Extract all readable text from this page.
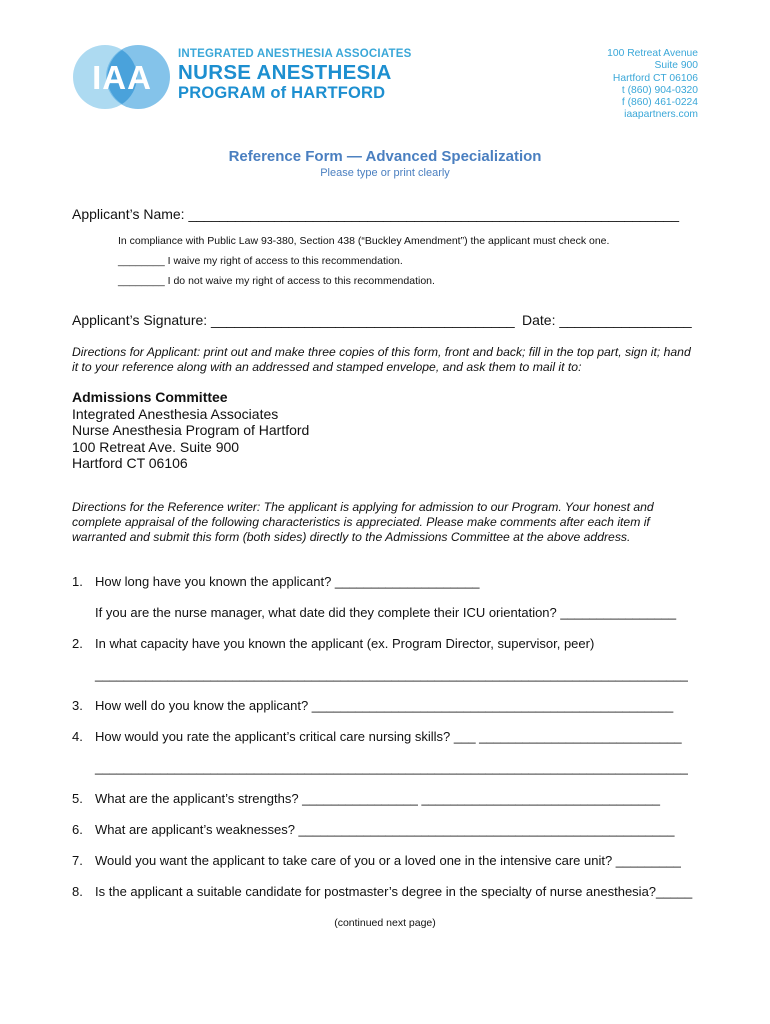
IAA
INTEGRATED ANESTHESIA ASSOCIATES
NURSE ANESTHESIA
PROGRAM of HARTFORD
100 Retreat Avenue
Suite 900
Hartford CT 06106
t (860) 904-0320
f (860) 461-0224
iaapartners.com
Reference Form — Advanced Specialization
Please type or print clearly
Applicant’s Name: _______________________________________________________________
In compliance with Public Law 93-380, Section 438 (“Buckley Amendment”) the applicant must check one.
________ I waive my right of access to this recommendation.
________ I do not waive my right of access to this recommendation.
Applicant’s Signature: _______________________________________ Date: _________________
Directions for Applicant: print out and make three copies of this form, front and back; fill in the top part, sign it; hand it to your reference along with an addressed and stamped envelope, and ask them to mail it to:
Admissions Committee
Integrated Anesthesia Associates
Nurse Anesthesia Program of Hartford
100 Retreat Ave. Suite 900
Hartford CT 06106
Directions for the Reference writer: The applicant is applying for admission to our Program. Your honest and complete appraisal of the following characteristics is appreciated. Please make comments after each item if warranted and submit this form (both sides) directly to the Admissions Committee at the above address.
1. How long have you known the applicant? ____________________
If you are the nurse manager, what date did they complete their ICU orientation? ________________
2. In what capacity have you known the applicant (ex. Program Director, supervisor, peer)
__________________________________________________________________________________
3. How well do you know the applicant? __________________________________________________
4. How would you rate the applicant’s critical care nursing skills? ___ ____________________________
__________________________________________________________________________________
5. What are the applicant’s strengths? ________________ _________________________________
6. What are applicant’s weaknesses? ____________________________________________________
7. Would you want the applicant to take care of you or a loved one in the intensive care unit? _________
8. Is the applicant a suitable candidate for postmaster’s degree in the specialty of nurse anesthesia?_____
(continued next page)
